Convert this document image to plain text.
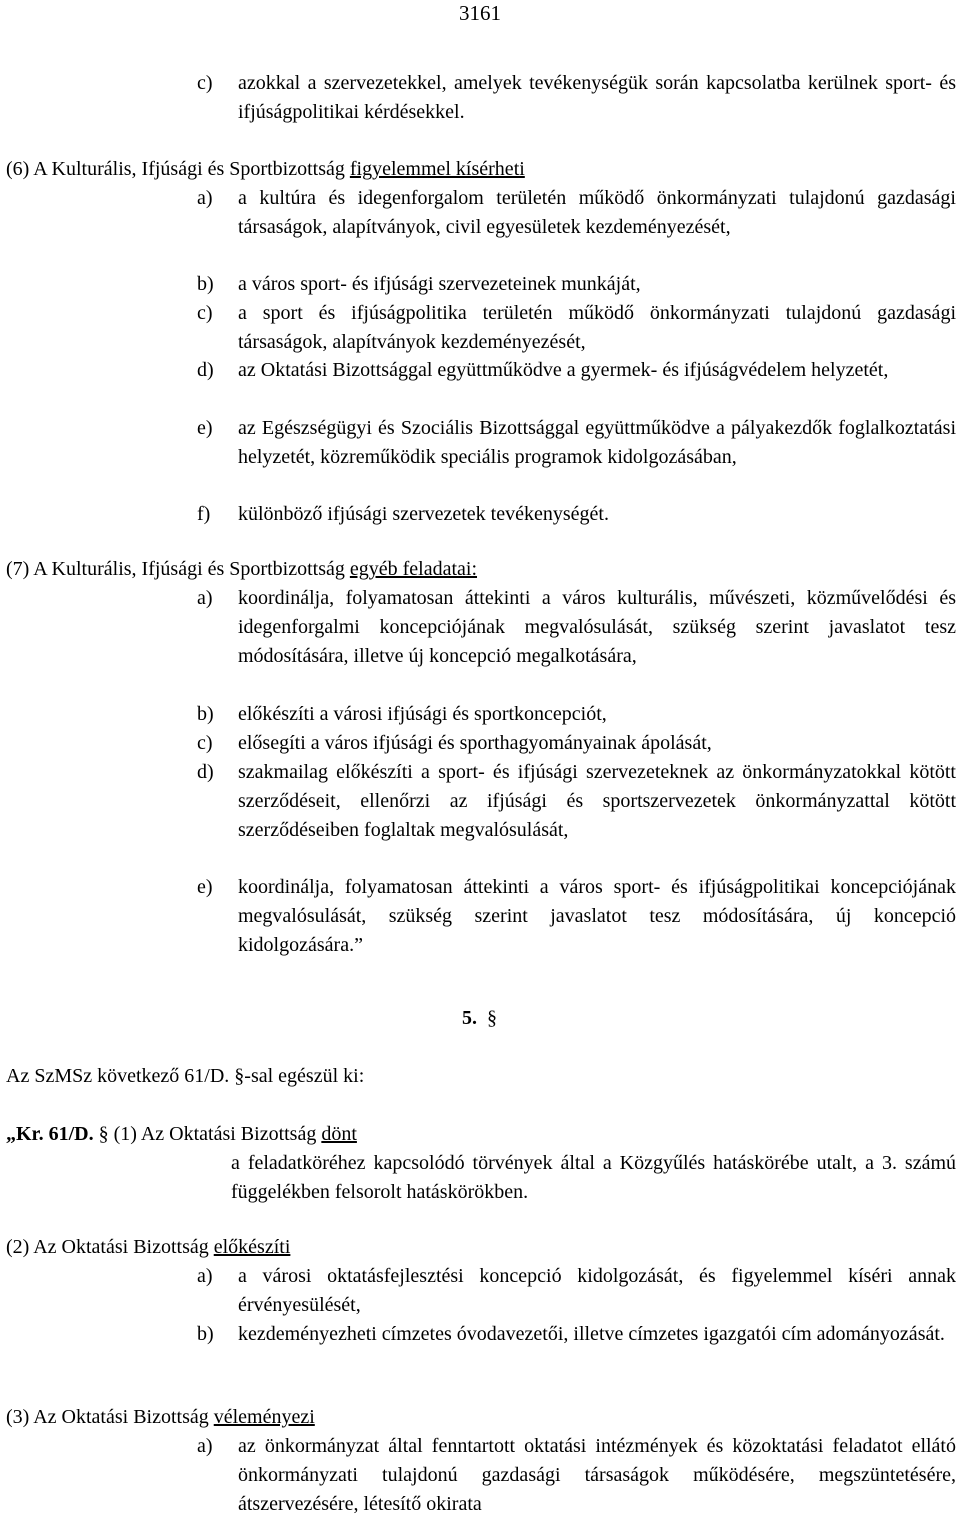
3161
c) azokkal a szervezetekkel, amelyek tevékenységük során kapcsolatba kerülnek sport- és ifjúságpolitikai kérdésekkel.
(6) A Kulturális, Ifjúsági és Sportbizottság figyelemmel kísérheti
a) a kultúra és idegenforgalom területén működő önkormányzati tulajdonú gazdasági társaságok, alapítványok, civil egyesületek kezdeményezését,
b) a város sport- és ifjúsági szervezeteinek munkáját,
c) a sport és ifjúságpolitika területén működő önkormányzati tulajdonú gazdasági társaságok, alapítványok kezdeményezését,
d) az Oktatási Bizottsággal együttműködve a gyermek- és ifjúságvédelem helyzetét,
e) az Egészségügyi és Szociális Bizottsággal együttműködve a pályakezdők foglalkoztatási helyzetét, közreműködik speciális programok kidolgozásában,
f) különböző ifjúsági szervezetek tevékenységét.
(7) A Kulturális, Ifjúsági és Sportbizottság egyéb feladatai:
a) koordinálja, folyamatosan áttekinti a város kulturális, művészeti, közművelődési és idegenforgalmi koncepciójának megvalósulását, szükség szerint javaslatot tesz módosítására, illetve új koncepció megalkotására,
b) előkészíti a városi ifjúsági és sportkoncepciót,
c) elősegíti a város ifjúsági és sporthagyományainak ápolását,
d) szakmailag előkészíti a sport- és ifjúsági szervezeteknek az önkormányzatokkal kötött szerződéseit, ellenőrzi az ifjúsági és sportszervezetek önkormányzattal kötött szerződéseiben foglaltak megvalósulását,
e) koordinálja, folyamatosan áttekinti a város sport- és ifjúságpolitikai koncepciójának megvalósulását, szükség szerint javaslatot tesz módosítására, új koncepció kidolgozására.”
5. §
Az SzMSz következő 61/D. §-sal egészül ki:
„Kr. 61/D. § (1) Az Oktatási Bizottság dönt
a feladatköréhez kapcsolódó törvények által a Közgyűlés hatáskörébe utalt, a 3. számú függelékben felsorolt hatáskörökben.
(2) Az Oktatási Bizottság előkészíti
a) a városi oktatásfejlesztési koncepció kidolgozását, és figyelemmel kíséri annak érvényesülését,
b) kezdeményezheti címzetes óvodavezetői, illetve címzetes igazgatói cím adományozását.
(3) Az Oktatási Bizottság véleményezi
a) az önkormányzat által fenntartott oktatási intézmények és közoktatási feladatot ellátó önkormányzati tulajdonú gazdasági társaságok működésére, megszüntetésére, átszervezésére, létesítő okirata
